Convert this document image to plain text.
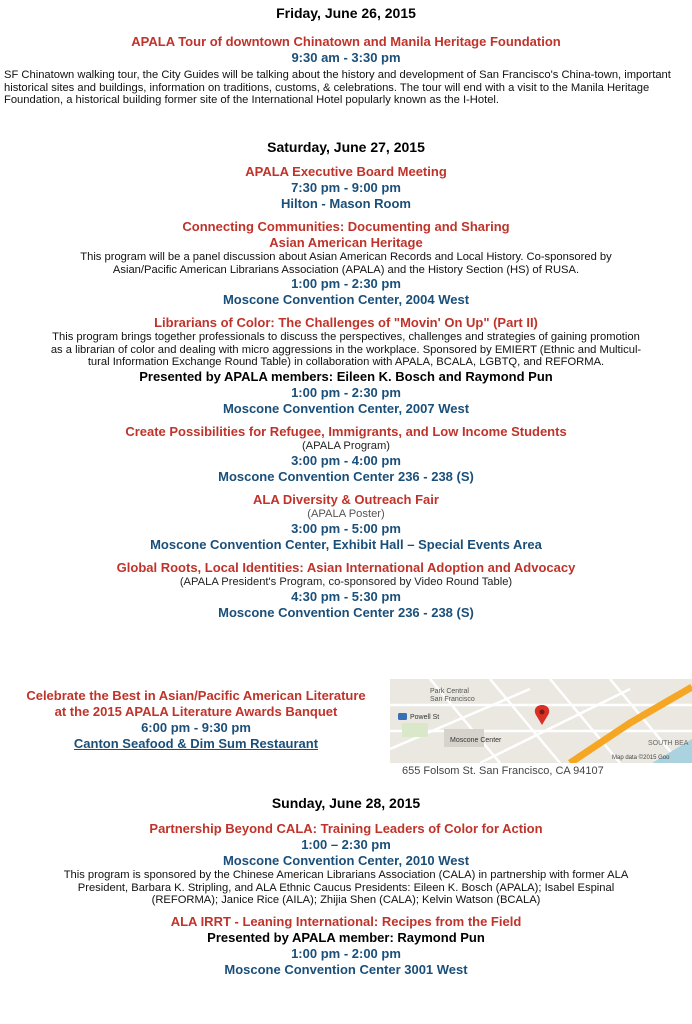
Friday, June 26, 2015

APALA Tour of downtown Chinatown and Manila Heritage Foundation

9:30 am - 3:30 pm

SF Chinatown walking tour, the City Guides will be talking about the history and development of San Francisco's China-town, important historical sites and buildings, information on traditions, customs, & celebrations. The tour will end with a visit to the Manila Heritage Foundation, a historical building former site of the International Hotel popularly known as the I-Hotel.

Saturday, June 27, 2015

APALA Executive Board Meeting

7:30 pm - 9:00 pm

Hilton - Mason Room

Connecting Communities: Documenting and Sharing

Asian American Heritage

This program will be a panel discussion about Asian American Records and Local History. Co-sponsored by

Asian/Pacific American Librarians Association (APALA) and the History Section (HS) of RUSA.

1:00 pm - 2:30 pm

Moscone Convention Center, 2004 West

Librarians of Color: The Challenges of "Movin' On Up" (Part II)

This program brings together professionals to discuss the perspectives, challenges and strategies of gaining promotion

as a librarian of color and dealing with micro aggressions in the workplace. Sponsored by EMIERT (Ethnic and Multicul-

tural Information Exchange Round Table) in collaboration with APALA, BCALA, LGBTQ, and REFORMA.

Presented by APALA members: Eileen K. Bosch and Raymond Pun

1:00 pm - 2:30 pm

Moscone Convention Center, 2007 West

Create Possibilities for Refugee, Immigrants, and Low Income Students

(APALA Program)

3:00 pm - 4:00 pm

Moscone Convention Center 236 - 238 (S)

ALA Diversity & Outreach Fair

(APALA Poster)

3:00 pm - 5:00 pm

Moscone Convention Center, Exhibit Hall – Special Events Area

Global Roots, Local Identities: Asian International Adoption and Advocacy

(APALA President's Program, co-sponsored by Video Round Table)

4:30 pm - 5:30 pm

Moscone Convention Center 236 - 238 (S)

Celebrate the Best in Asian/Pacific American Literature

at the 2015 APALA Literature Awards Banquet

6:00 pm - 9:30 pm

Canton Seafood & Dim Sum Restaurant

Park Central
San Francisco
Powell St
Moscone Center	SOUTH BEA
Map data ©2015 Goo

655 Folsom St. San Francisco, CA 94107

Sunday, June 28, 2015

Partnership Beyond CALA: Training Leaders of Color for Action

1:00 – 2:30 pm

Moscone Convention Center, 2010 West

This program is sponsored by the Chinese American Librarians Association (CALA) in partnership with former ALA

President, Barbara K. Stripling, and ALA Ethnic Caucus Presidents: Eileen K. Bosch (APALA); Isabel Espinal

(REFORMA); Janice Rice (AILA); Zhijia Shen (CALA); Kelvin Watson (BCALA)

ALA IRRT - Leaning International: Recipes from the Field

Presented by APALA member: Raymond Pun

1:00 pm - 2:00 pm

Moscone Convention Center 3001 West
